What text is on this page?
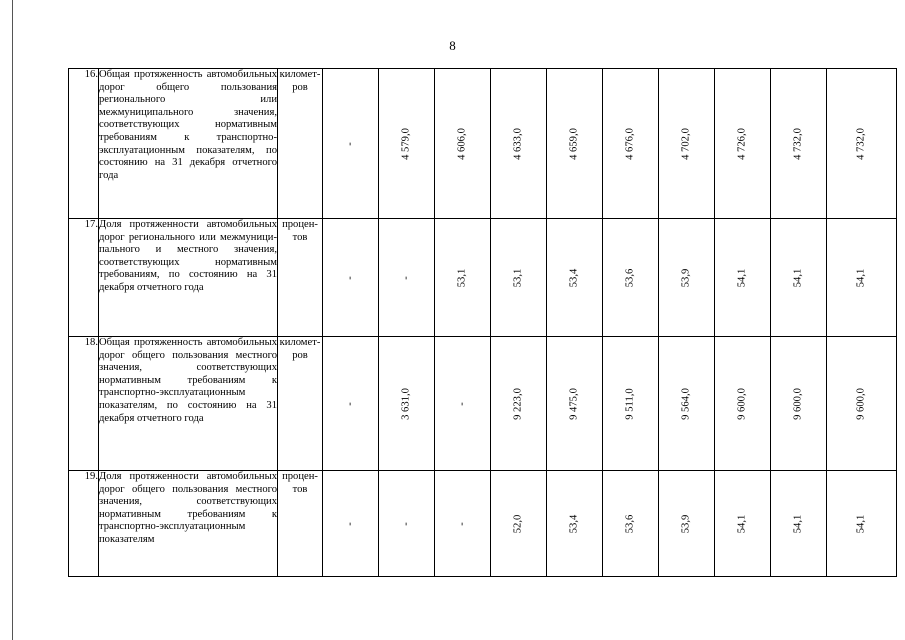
8
16.	Общая протяженность автомобильных дорог общего пользования регионального или межмуниципального значения, соответствующих нормативным требованиям к транспортно-эксплуатационным показателям, по состоянию на 31 декабря отчетного года	километров	-	4 579,0	4 606,0	4 633,0	4 659,0	4 676,0	4 702,0	4 726,0	4 732,0	4 732,0

17.	Доля протяженности автомобильных дорог регионального или межмуниципального и местного значения, соответствующих нормативным требованиям, по состоянию на 31 декабря отчетного года	процентов	-	-	53,1	53,1	53,4	53,6	53,9	54,1	54,1	54,1

18.	Общая протяженность автомобильных дорог общего пользования местного значения, соответствующих нормативным требованиям к транспортно-эксплуатационным показателям, по состоянию на 31 декабря отчетного года	километров	-	3 631,0	-	9 223,0	9 475,0	9 511,0	9 564,0	9 600,0	9 600,0	9 600,0

19.	Доля протяженности автомобильных дорог общего пользования местного значения, соответствующих нормативным требованиям к транспортно-эксплуатационным показателям	процентов	-	-	-	52,0	53,4	53,6	53,9	54,1	54,1	54,1
